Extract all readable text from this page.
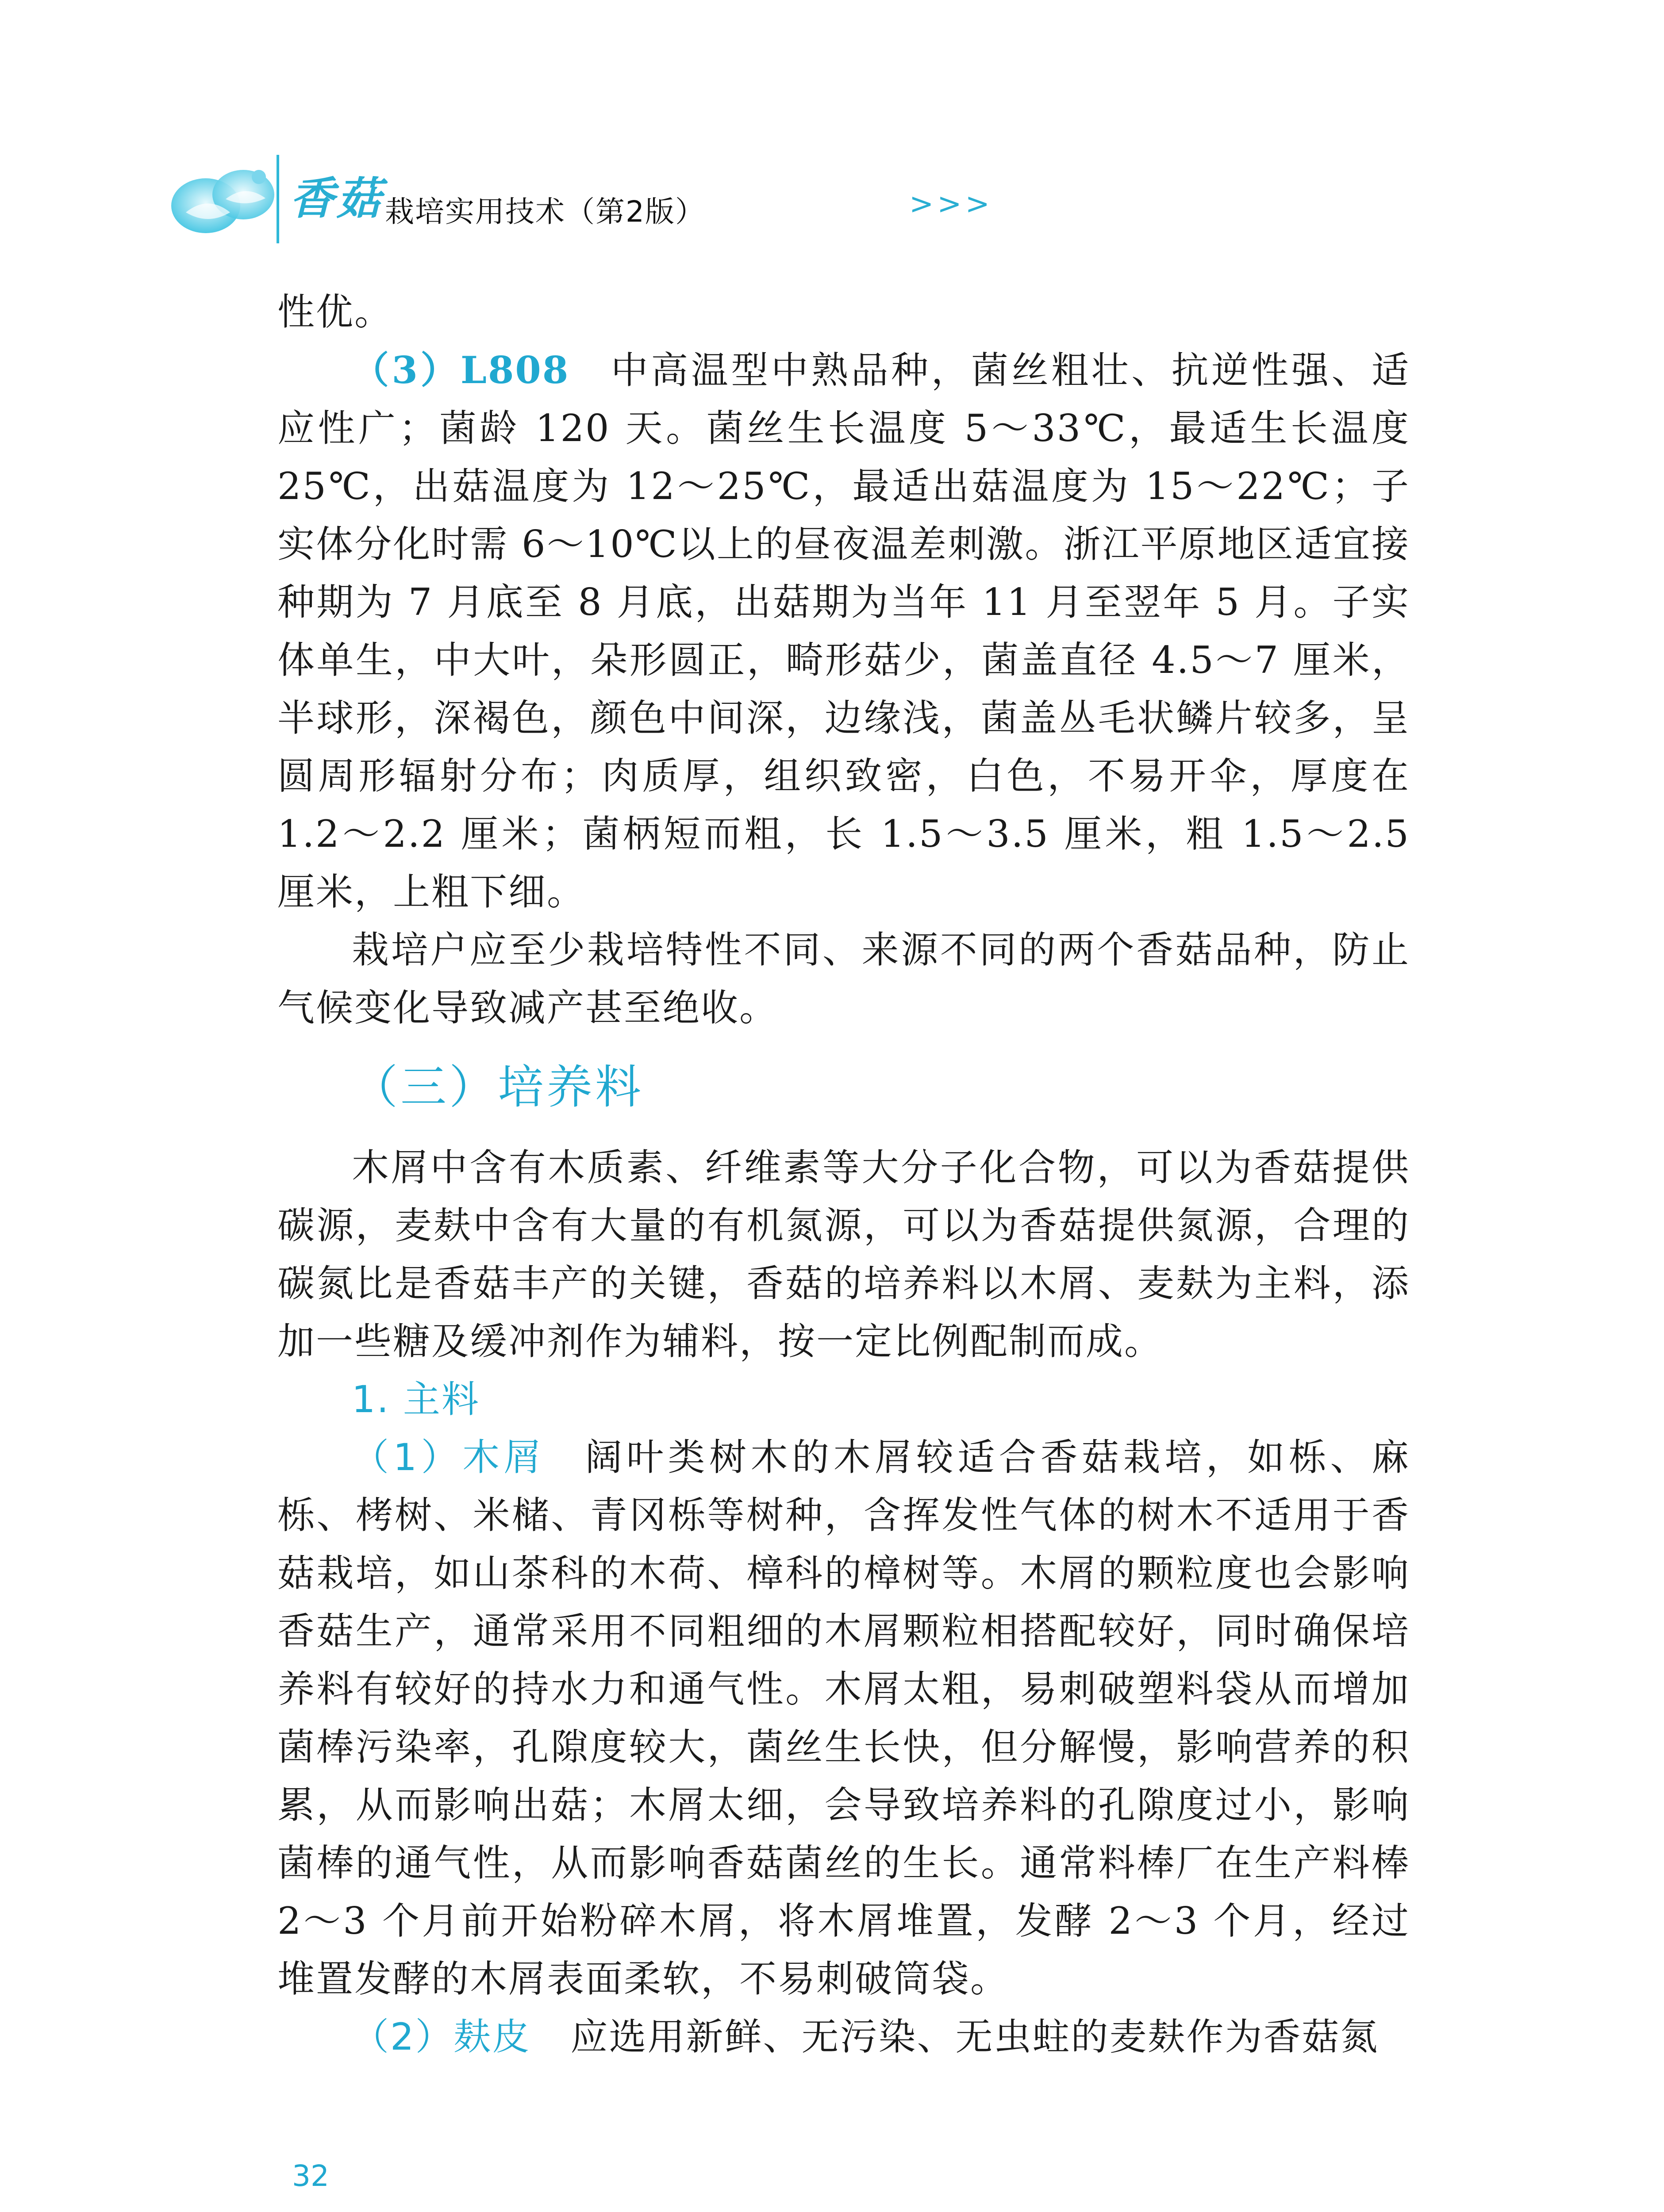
香菇 栽培实用技术（第2版）	>>>

性优。

（3）L808 中高温型中熟品种，菌丝粗壮、抗逆性强、适应性广；菌龄 120 天。菌丝生长温度 5～33℃，最适生长温度 25℃，出菇温度为 12～25℃，最适出菇温度为 15～22℃；子实体分化时需 6～10℃以上的昼夜温差刺激。浙江平原地区适宜接种期为 7 月底至 8 月底，出菇期为当年 11 月至翌年 5 月。子实体单生，中大叶，朵形圆正，畸形菇少，菌盖直径 4.5～7 厘米，半球形，深褐色，颜色中间深，边缘浅，菌盖丛毛状鳞片较多，呈圆周形辐射分布；肉质厚，组织致密，白色，不易开伞，厚度在 1.2～2.2 厘米；菌柄短而粗，长 1.5～3.5 厘米，粗 1.5～2.5 厘米，上粗下细。

栽培户应至少栽培特性不同、来源不同的两个香菇品种，防止气候变化导致减产甚至绝收。

（三）培养料

木屑中含有木质素、纤维素等大分子化合物，可以为香菇提供碳源，麦麸中含有大量的有机氮源，可以为香菇提供氮源，合理的碳氮比是香菇丰产的关键，香菇的培养料以木屑、麦麸为主料，添加一些糖及缓冲剂作为辅料，按一定比例配制而成。

1. 主料

（1）木屑 阔叶类树木的木屑较适合香菇栽培，如栎、麻栎、栲树、米槠、青冈栎等树种，含挥发性气体的树木不适用于香菇栽培，如山茶科的木荷、樟科的樟树等。木屑的颗粒度也会影响香菇生产，通常采用不同粗细的木屑颗粒相搭配较好，同时确保培养料有较好的持水力和通气性。木屑太粗，易刺破塑料袋从而增加菌棒污染率，孔隙度较大，菌丝生长快，但分解慢，影响营养的积累，从而影响出菇；木屑太细，会导致培养料的孔隙度过小，影响菌棒的通气性，从而影响香菇菌丝的生长。通常料棒厂在生产料棒 2～3 个月前开始粉碎木屑，将木屑堆置，发酵 2～3 个月，经过堆置发酵的木屑表面柔软，不易刺破筒袋。

（2）麸皮 应选用新鲜、无污染、无虫蛀的麦麸作为香菇氮

32
